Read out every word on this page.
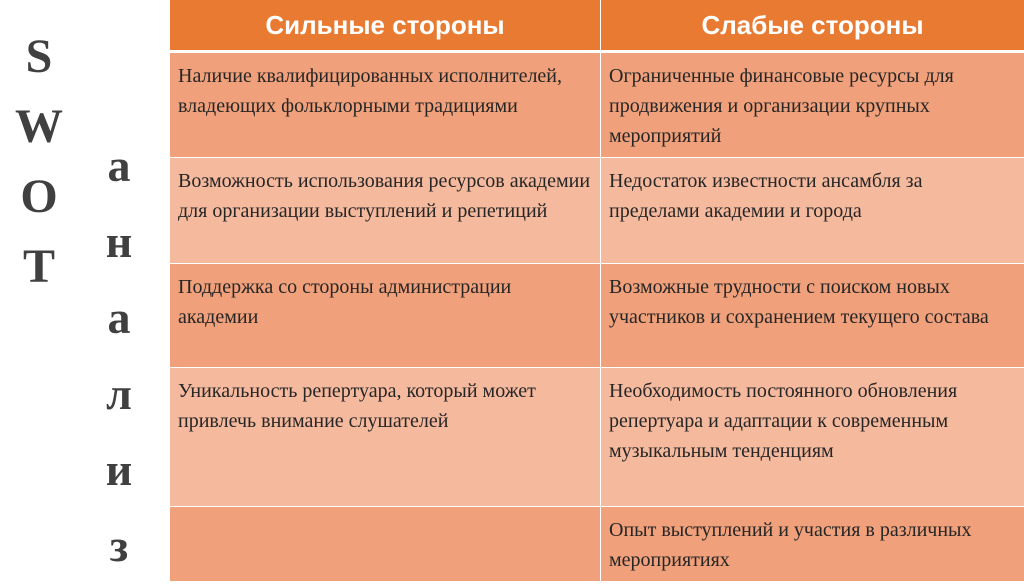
S
W
O
T
а
н
а
л
и
з
Сильные стороны	Слабые стороны
Наличие квалифицированных исполнителей, владеющих фольклорными традициями	Ограниченные финансовые ресурсы для продвижения и организации крупных мероприятий
Возможность использования ресурсов академии для организации выступлений и репетиций	Недостаток известности ансамбля за пределами академии и города
Поддержка со стороны администрации академии	Возможные трудности с поиском новых участников и сохранением текущего состава
Уникальность репертуара, который может привлечь внимание слушателей	Необходимость постоянного обновления репертуара и адаптации к современным музыкальным тенденциям
	Опыт выступлений и участия в различных мероприятиях
